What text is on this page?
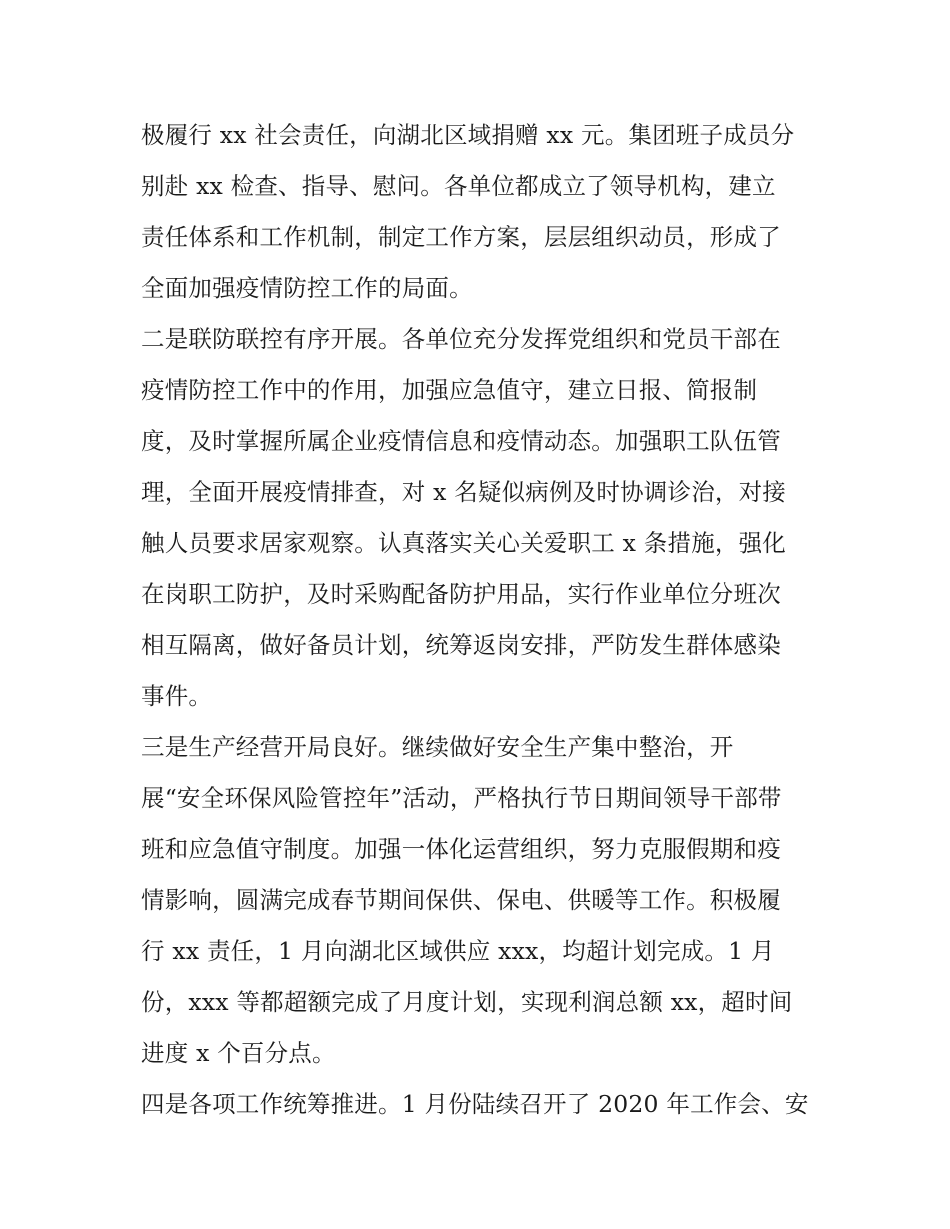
极履行 xx 社会责任，向湖北区域捐赠 xx 元。集团班子成员分
别赴 xx 检查、指导、慰问。各单位都成立了领导机构，建立
责任体系和工作机制，制定工作方案，层层组织动员，形成了
全面加强疫情防控工作的局面。
二是联防联控有序开展。各单位充分发挥党组织和党员干部在
疫情防控工作中的作用，加强应急值守，建立日报、简报制
度，及时掌握所属企业疫情信息和疫情动态。加强职工队伍管
理，全面开展疫情排查，对 x 名疑似病例及时协调诊治，对接
触人员要求居家观察。认真落实关心关爱职工 x 条措施，强化
在岗职工防护，及时采购配备防护用品，实行作业单位分班次
相互隔离，做好备员计划，统筹返岗安排，严防发生群体感染
事件。
三是生产经营开局良好。继续做好安全生产集中整治，开
展“安全环保风险管控年”活动，严格执行节日期间领导干部带
班和应急值守制度。加强一体化运营组织，努力克服假期和疫
情影响，圆满完成春节期间保供、保电、供暖等工作。积极履
行 xx 责任，1 月向湖北区域供应 xxx，均超计划完成。1 月
份，xxx 等都超额完成了月度计划，实现利润总额 xx，超时间
进度 x 个百分点。
四是各项工作统筹推进。1 月份陆续召开了 2020 年工作会、安
